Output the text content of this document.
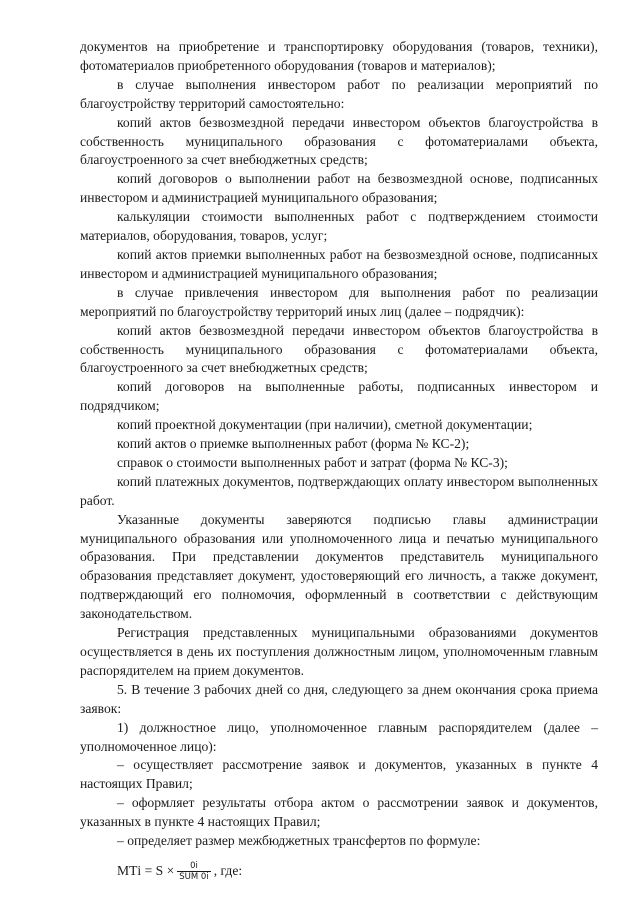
документов на приобретение и транспортировку оборудования (товаров, техники), фотоматериалов приобретенного оборудования (товаров и материалов);

в случае выполнения инвестором работ по реализации мероприятий по благоустройству территорий самостоятельно:

копий актов безвозмездной передачи инвестором объектов благоустройства в собственность муниципального образования с фотоматериалами объекта, благоустроенного за счет внебюджетных средств;

копий договоров о выполнении работ на безвозмездной основе, подписанных инвестором и администрацией муниципального образования;

калькуляции стоимости выполненных работ с подтверждением стоимости материалов, оборудования, товаров, услуг;

копий актов приемки выполненных работ на безвозмездной основе, подписанных инвестором и администрацией муниципального образования;

в случае привлечения инвестором для выполнения работ по реализации мероприятий по благоустройству территорий иных лиц (далее – подрядчик):

копий актов безвозмездной передачи инвестором объектов благоустройства в собственность муниципального образования с фотоматериалами объекта, благоустроенного за счет внебюджетных средств;

копий договоров на выполненные работы, подписанных инвестором и подрядчиком;

копий проектной документации (при наличии), сметной документации;

копий актов о приемке выполненных работ (форма № КС-2);

справок о стоимости выполненных работ и затрат (форма № КС-3);

копий платежных документов, подтверждающих оплату инвестором выполненных работ.

Указанные документы заверяются подписью главы администрации муниципального образования или уполномоченного лица и печатью муниципального образования. При представлении документов представитель муниципального образования представляет документ, удостоверяющий его личность, а также документ, подтверждающий его полномочия, оформленный в соответствии с действующим законодательством.

Регистрация представленных муниципальными образованиями документов осуществляется в день их поступления должностным лицом, уполномоченным главным распорядителем на прием документов.

5. В течение 3 рабочих дней со дня, следующего за днем окончания срока приема заявок:

1) должностное лицо, уполномоченное главным распорядителем (далее – уполномоченное лицо):

– осуществляет рассмотрение заявок и документов, указанных в пункте 4 настоящих Правил;

– оформляет результаты отбора актом о рассмотрении заявок и документов, указанных в пункте 4 настоящих Правил;

– определяет размер межбюджетных трансфертов по формуле:

МТi = $S \times \frac{0i}{\text{SUM 0i}}$ , где:
